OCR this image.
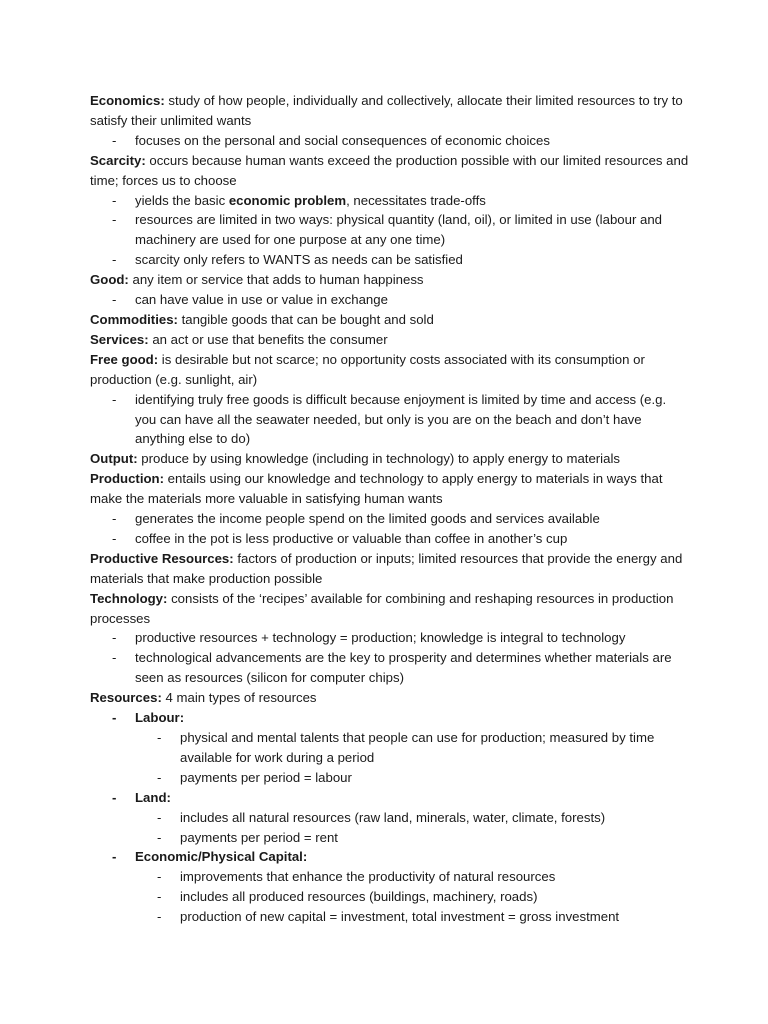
Economics: study of how people, individually and collectively, allocate their limited resources to try to satisfy their unlimited wants

- focuses on the personal and social consequences of economic choices

Scarcity: occurs because human wants exceed the production possible with our limited resources and time; forces us to choose

- yields the basic economic problem, necessitates trade-offs
- resources are limited in two ways: physical quantity (land, oil), or limited in use (labour and machinery are used for one purpose at any one time)
- scarcity only refers to WANTS as needs can be satisfied

Good: any item or service that adds to human happiness

- can have value in use or value in exchange

Commodities: tangible goods that can be bought and sold

Services: an act or use that benefits the consumer

Free good: is desirable but not scarce; no opportunity costs associated with its consumption or production (e.g. sunlight, air)

- identifying truly free goods is difficult because enjoyment is limited by time and access (e.g. you can have all the seawater needed, but only is you are on the beach and don’t have anything else to do)

Output: produce by using knowledge (including in technology) to apply energy to materials

Production: entails using our knowledge and technology to apply energy to materials in ways that make the materials more valuable in satisfying human wants

- generates the income people spend on the limited goods and services available
- coffee in the pot is less productive or valuable than coffee in another’s cup

Productive Resources: factors of production or inputs; limited resources that provide the energy and materials that make production possible

Technology: consists of the ‘recipes’ available for combining and reshaping resources in production processes

- productive resources + technology = production; knowledge is integral to technology
- technological advancements are the key to prosperity and determines whether materials are seen as resources (silicon for computer chips)

Resources: 4 main types of resources

- Labour:
- physical and mental talents that people can use for production; measured by time available for work during a period
- payments per period = labour
- Land:
- includes all natural resources (raw land, minerals, water, climate, forests)
- payments per period = rent
- Economic/Physical Capital:
- improvements that enhance the productivity of natural resources
- includes all produced resources (buildings, machinery, roads)
- production of new capital = investment, total investment = gross investment
